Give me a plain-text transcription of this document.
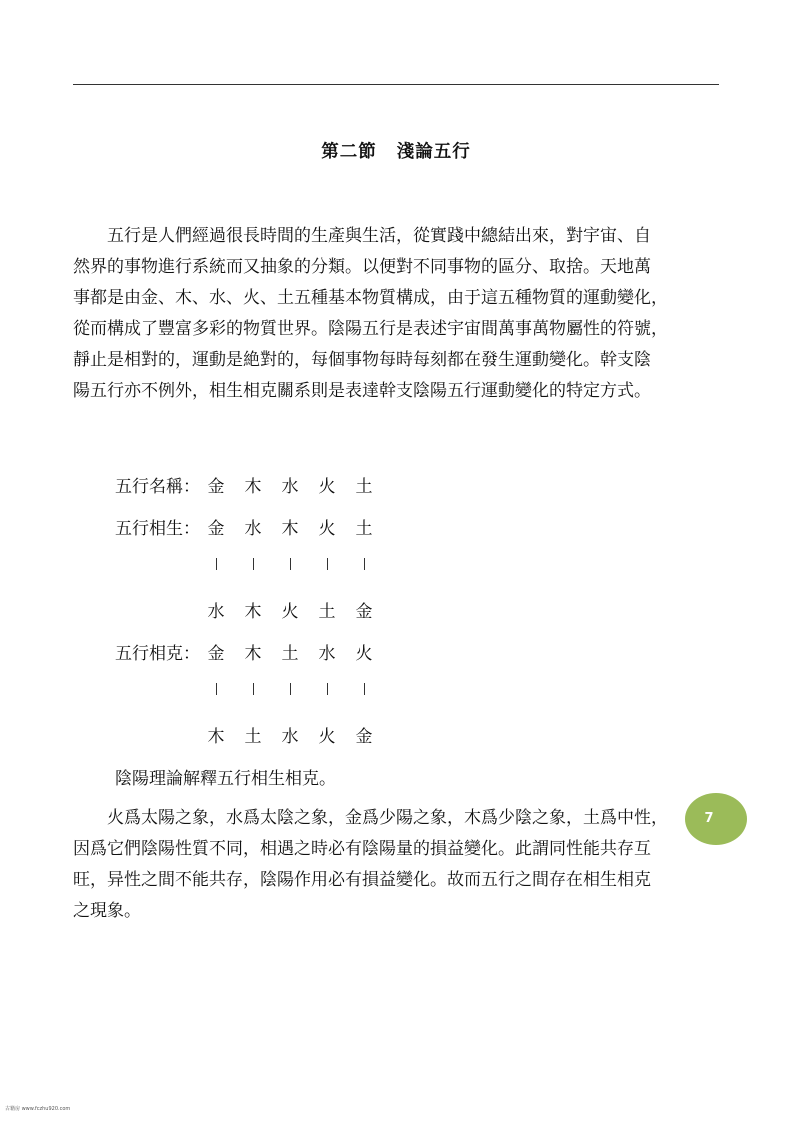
第二節 淺論五行
　　五行是人們經過很長時間的生產與生活，從實踐中總結出來，對宇宙、自
然界的事物進行系統而又抽象的分類。以便對不同事物的區分、取捨。天地萬
事都是由金、木、水、火、土五種基本物質構成，由于這五種物質的運動變化，
從而構成了豐富多彩的物質世界。陰陽五行是表述宇宙間萬事萬物屬性的符號，
靜止是相對的，運動是絶對的，每個事物每時每刻都在發生運動變化。幹支陰
陽五行亦不例外，相生相克關系則是表達幹支陰陽五行運動變化的特定方式。
五行名稱： 金 木 水 火 土
五行相生： 金 水 木 火 土
水 木 火 土 金
五行相克： 金 木 土 水 火
木 土 水 火 金
陰陽理論解釋五行相生相克。
　　火爲太陽之象，水爲太陰之象，金爲少陽之象，木爲少陰之象，土爲中性，
因爲它們陰陽性質不同，相遇之時必有陰陽量的損益變化。此謂同性能共存互
旺，异性之間不能共存，陰陽作用必有損益變化。故而五行之間存在相生相克
之現象。
7
古籍房 www.fczhu920.com
